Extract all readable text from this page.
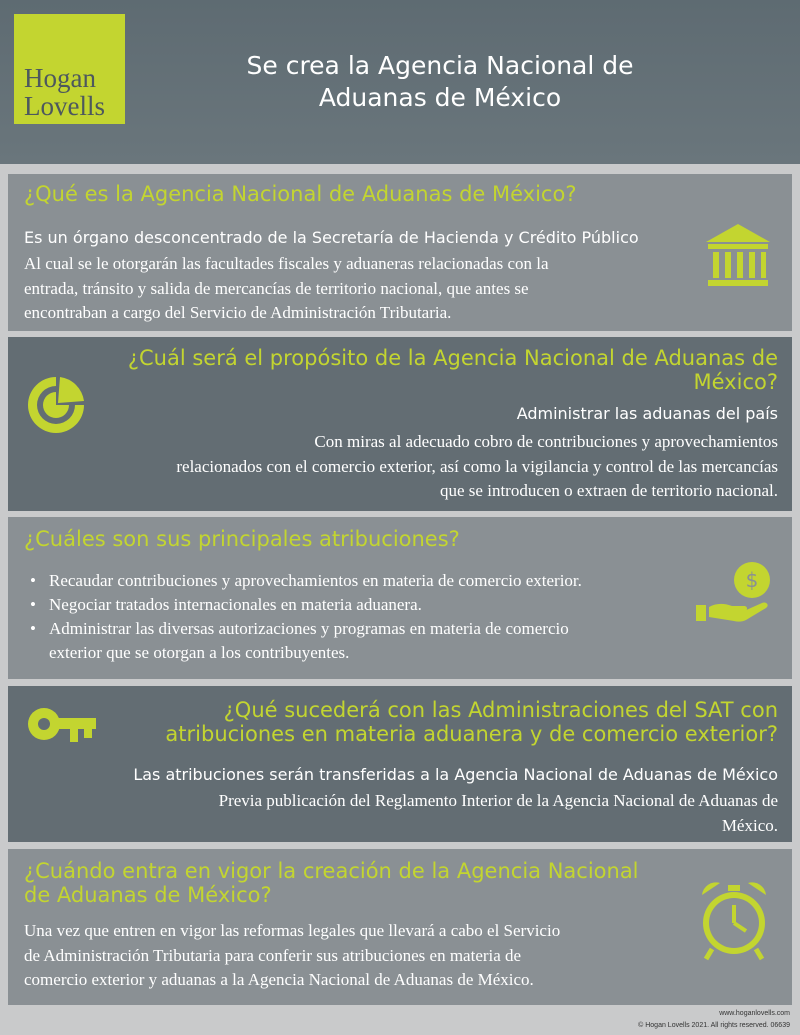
Hogan
Lovells
Se crea la Agencia Nacional de
Aduanas de México
¿Qué es la Agencia Nacional de Aduanas de México?
Es un órgano desconcentrado de la Secretaría de Hacienda y Crédito Público
Al cual se le otorgarán las facultades fiscales y aduaneras relacionadas con la
entrada, tránsito y salida de mercancías de territorio nacional, que antes se
encontraban a cargo del Servicio de Administración Tributaria.
¿Cuál será el propósito de la Agencia Nacional de Aduanas de
México?
Administrar las aduanas del país
Con miras al adecuado cobro de contribuciones y aprovechamientos
relacionados con el comercio exterior, así como la vigilancia y control de las mercancías
que se introducen o extraen de territorio nacional.
¿Cuáles son sus principales atribuciones?
• Recaudar contribuciones y aprovechamientos en materia de comercio exterior.
• Negociar tratados internacionales en materia aduanera.
• Administrar las diversas autorizaciones y programas en materia de comercio
exterior que se otorgan a los contribuyentes.
$
¿Qué sucederá con las Administraciones del SAT con
atribuciones en materia aduanera y de comercio exterior?
Las atribuciones serán transferidas a la Agencia Nacional de Aduanas de México
Previa publicación del Reglamento Interior de la Agencia Nacional de Aduanas de
México.
¿Cuándo entra en vigor la creación de la Agencia Nacional
de Aduanas de México?
Una vez que entren en vigor las reformas legales que llevará a cabo el Servicio
de Administración Tributaria para conferir sus atribuciones en materia de
comercio exterior y aduanas a la Agencia Nacional de Aduanas de México.
www.hoganlovells.com
© Hogan Lovells 2021. All rights reserved. 06639
